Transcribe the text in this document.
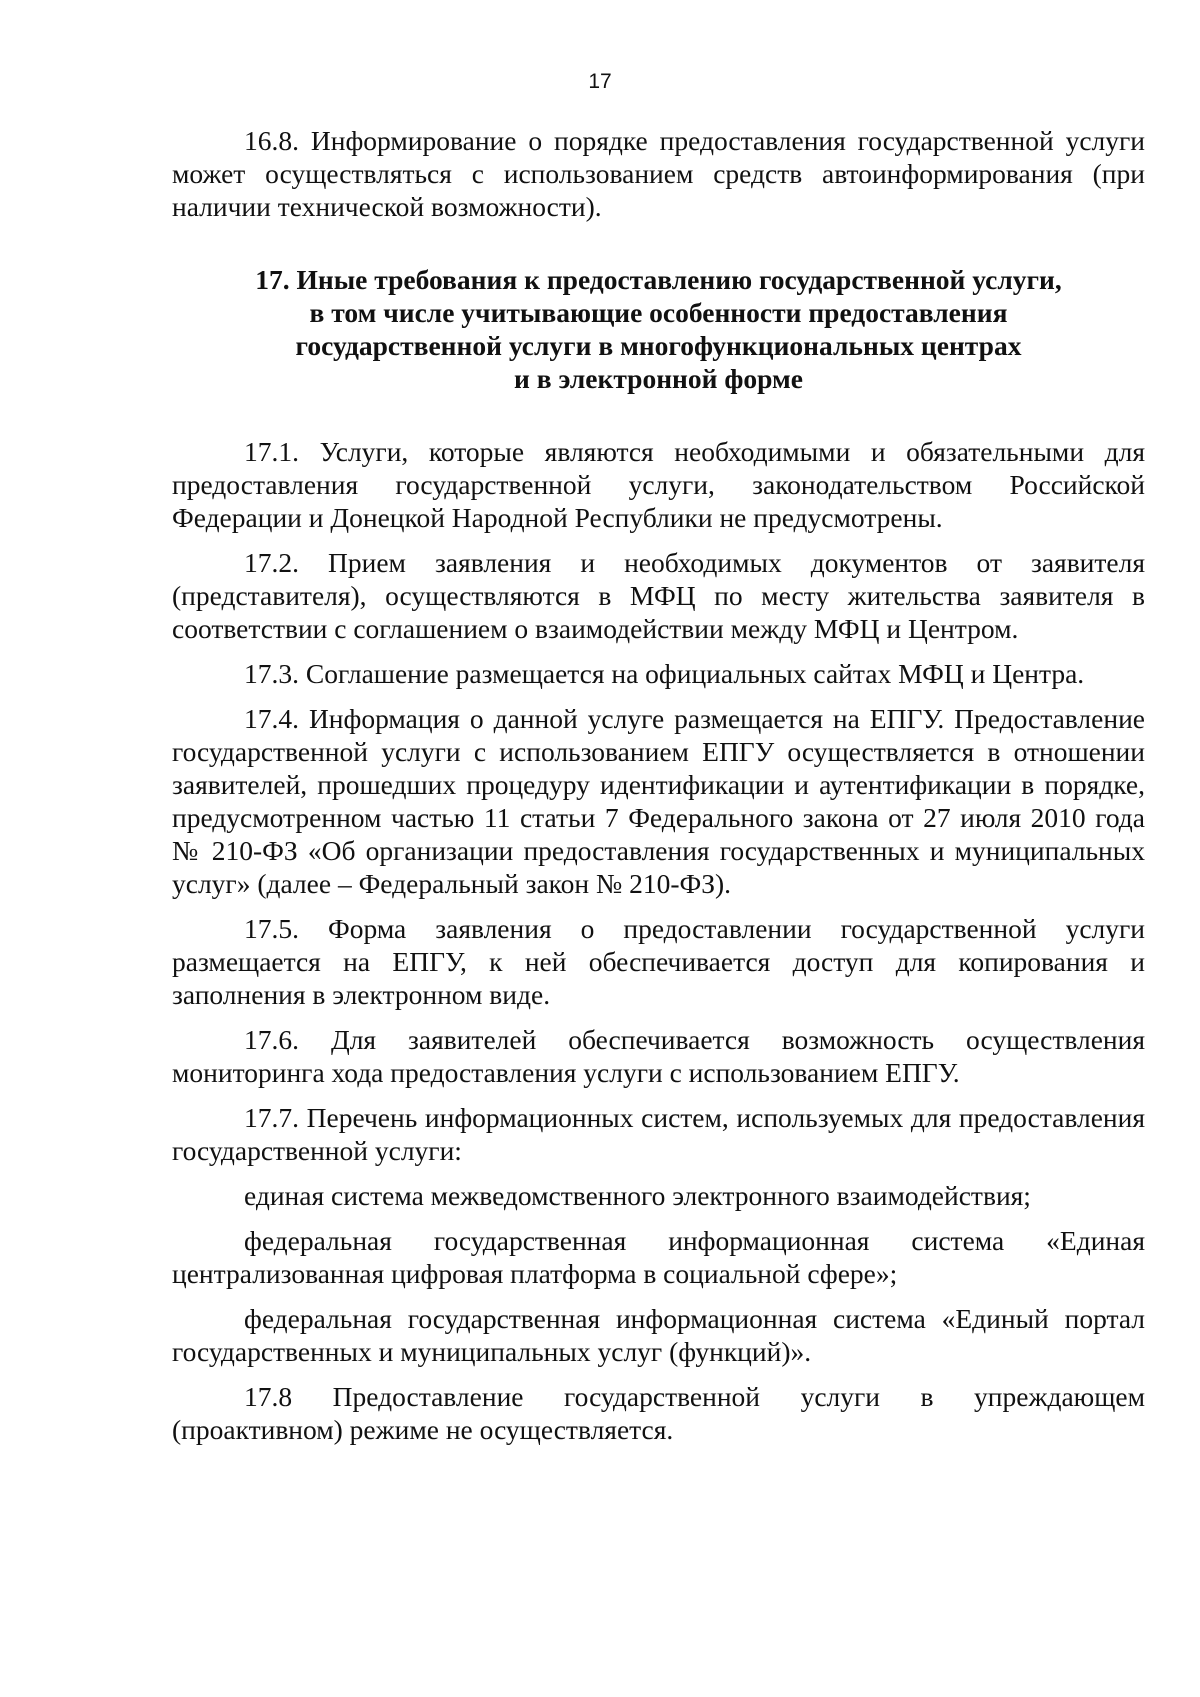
17

16.8. Информирование о порядке предоставления государственной услуги может осуществляться с использованием средств автоинформирования (при наличии технической возможности).

17. Иные требования к предоставлению государственной услуги,
в том числе учитывающие особенности предоставления
государственной услуги в многофункциональных центрах
и в электронной форме

17.1. Услуги, которые являются необходимыми и обязательными для предоставления государственной услуги, законодательством Российской Федерации и Донецкой Народной Республики не предусмотрены.

17.2. Прием заявления и необходимых документов от заявителя (представителя), осуществляются в МФЦ по месту жительства заявителя в соответствии с соглашением о взаимодействии между МФЦ и Центром.

17.3. Соглашение размещается на официальных сайтах МФЦ и Центра.

17.4. Информация о данной услуге размещается на ЕПГУ. Предоставление государственной услуги с использованием ЕПГУ осуществляется в отношении заявителей, прошедших процедуру идентификации и аутентификации в порядке, предусмотренном частью 11 статьи 7 Федерального закона от 27 июля 2010 года № 210-ФЗ «Об организации предоставления государственных и муниципальных услуг» (далее – Федеральный закон № 210-ФЗ).

17.5. Форма заявления о предоставлении государственной услуги размещается на ЕПГУ, к ней обеспечивается доступ для копирования и заполнения в электронном виде.

17.6. Для заявителей обеспечивается возможность осуществления мониторинга хода предоставления услуги с использованием ЕПГУ.

17.7. Перечень информационных систем, используемых для предоставления государственной услуги:

единая система межведомственного электронного взаимодействия;

федеральная государственная информационная система «Единая централизованная цифровая платформа в социальной сфере»;

федеральная государственная информационная система «Единый портал государственных и муниципальных услуг (функций)».

17.8 Предоставление государственной услуги в упреждающем (проактивном) режиме не осуществляется.
